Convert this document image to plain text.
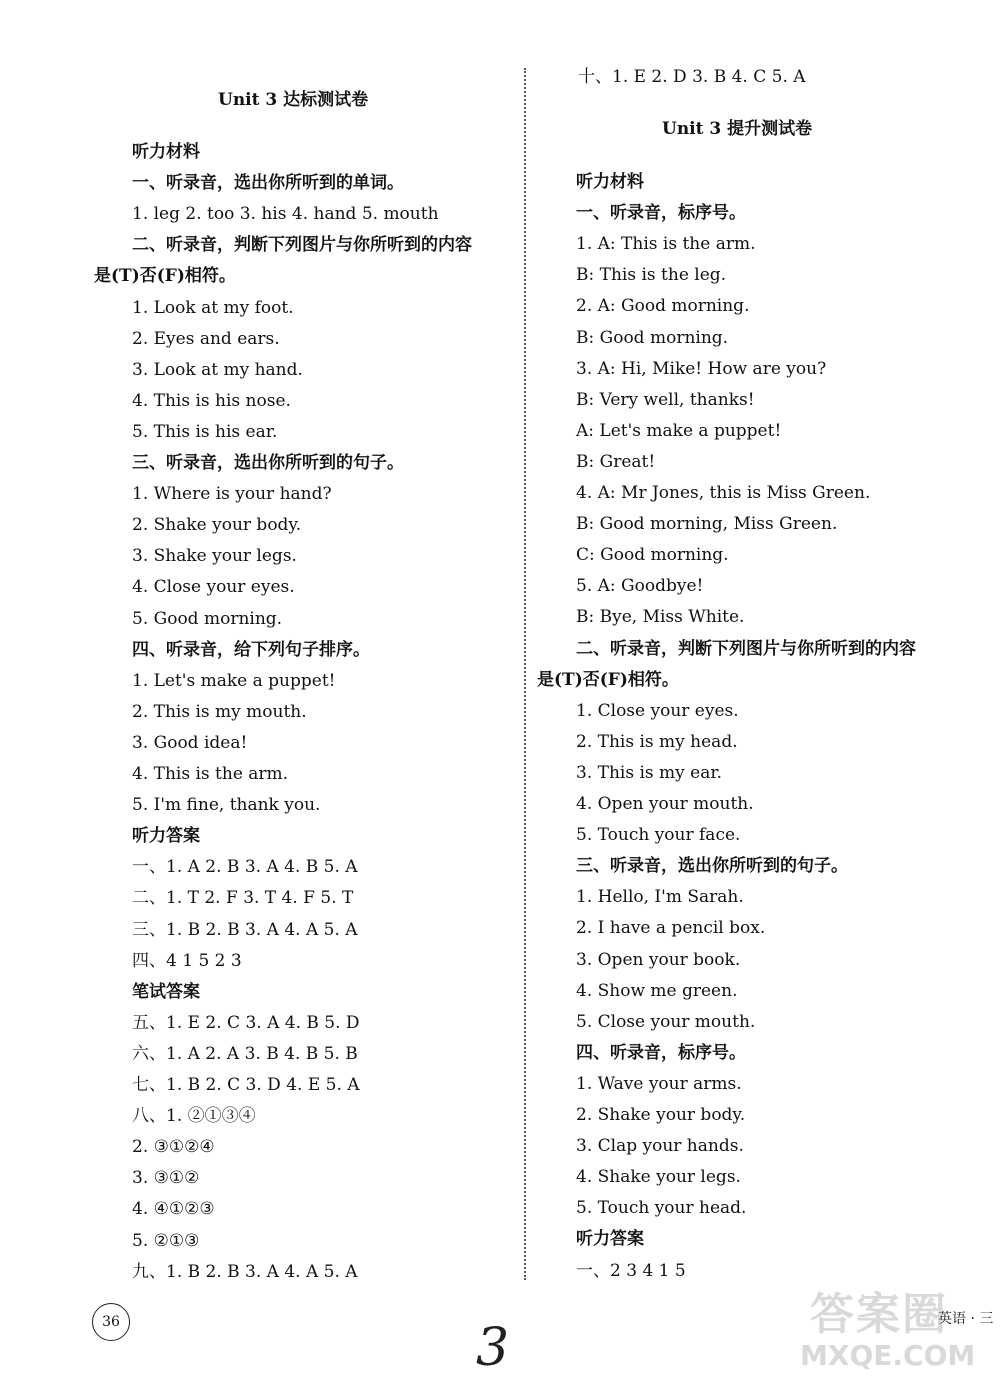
Unit 3 达标测试卷
听力材料
一、听录音，选出你所听到的单词。
1. leg 2. too 3. his 4. hand 5. mouth
二、听录音，判断下列图片与你所听到的内容
是(T)否(F)相符。
1. Look at my foot.
2. Eyes and ears.
3. Look at my hand.
4. This is his nose.
5. This is his ear.
三、听录音，选出你所听到的句子。
1. Where is your hand?
2. Shake your body.
3. Shake your legs.
4. Close your eyes.
5. Good morning.
四、听录音，给下列句子排序。
1. Let's make a puppet!
2. This is my mouth.
3. Good idea!
4. This is the arm.
5. I'm fine, thank you.
听力答案
一、1. A 2. B 3. A 4. B 5. A
二、1. T 2. F 3. T 4. F 5. T
三、1. B 2. B 3. A 4. A 5. A
四、4 1 5 2 3
笔试答案
五、1. E 2. C 3. A 4. B 5. D
六、1. A 2. A 3. B 4. B 5. B
七、1. B 2. C 3. D 4. E 5. A
八、1. ②①③④
2. ③①②④
3. ③①②
4. ④①②③
5. ②①③
九、1. B 2. B 3. A 4. A 5. A
十、1. E 2. D 3. B 4. C 5. A
Unit 3 提升测试卷
听力材料
一、听录音，标序号。
1. A: This is the arm.
B: This is the leg.
2. A: Good morning.
B: Good morning.
3. A: Hi, Mike! How are you?
B: Very well, thanks!
A: Let's make a puppet!
B: Great!
4. A: Mr Jones, this is Miss Green.
B: Good morning, Miss Green.
C: Good morning.
5. A: Goodbye!
B: Bye, Miss White.
二、听录音，判断下列图片与你所听到的内容
是(T)否(F)相符。
1. Close your eyes.
2. This is my head.
3. This is my ear.
4. Open your mouth.
5. Touch your face.
三、听录音，选出你所听到的句子。
1. Hello, I'm Sarah.
2. I have a pencil box.
3. Open your book.
4. Show me green.
5. Close your mouth.
四、听录音，标序号。
1. Wave your arms.
2. Shake your body.
3. Clap your hands.
4. Shake your legs.
5. Touch your head.
听力答案
一、2 3 4 1 5
36	3
答案圈
MXQE.COM
英语 · 三
